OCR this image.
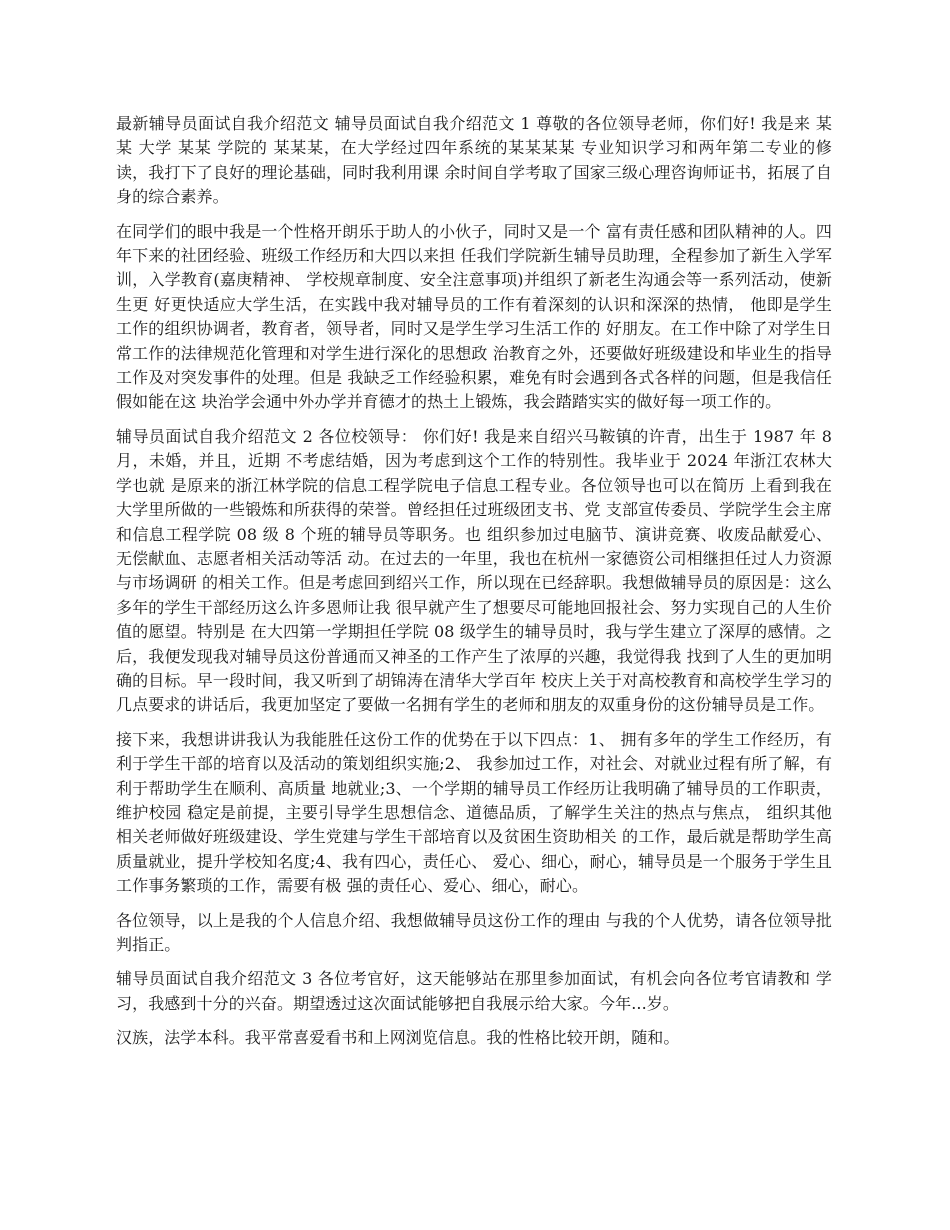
最新辅导员面试自我介绍范文 辅导员面试自我介绍范文 1 尊敬的各位领导老师，你们好! 我是来 某某 大学 某某 学院的 某某某，在大学经过四年系统的某某某某 专业知识学习和两年第二专业的修读，我打下了良好的理论基础，同时我利用课 余时间自学考取了国家三级心理咨询师证书，拓展了自身的综合素养。

在同学们的眼中我是一个性格开朗乐于助人的小伙子，同时又是一个 富有责任感和团队精神的人。四年下来的社团经验、班级工作经历和大四以来担 任我们学院新生辅导员助理，全程参加了新生入学军训，入学教育(嘉庚精神、 学校规章制度、安全注意事项)并组织了新老生沟通会等一系列活动，使新生更 好更快适应大学生活，在实践中我对辅导员的工作有着深刻的认识和深深的热情， 他即是学生工作的组织协调者，教育者，领导者，同时又是学生学习生活工作的 好朋友。在工作中除了对学生日常工作的法律规范化管理和对学生进行深化的思想政 治教育之外，还要做好班级建设和毕业生的指导工作及对突发事件的处理。但是 我缺乏工作经验积累，难免有时会遇到各式各样的问题，但是我信任假如能在这 块治学会通中外办学并育德才的热土上锻炼，我会踏踏实实的做好每一项工作的。

辅导员面试自我介绍范文 2 各位校领导： 你们好! 我是来自绍兴马鞍镇的许青，出生于 1987 年 8 月，未婚，并且，近期 不考虑结婚，因为考虑到这个工作的特别性。我毕业于 2024 年浙江农林大学也就 是原来的浙江林学院的信息工程学院电子信息工程专业。各位领导也可以在简历 上看到我在大学里所做的一些锻炼和所获得的荣誉。曾经担任过班级团支书、党 支部宣传委员、学院学生会主席和信息工程学院 08 级 8 个班的辅导员等职务。也 组织参加过电脑节、演讲竞赛、收废品献爱心、无偿献血、志愿者相关活动等活 动。在过去的一年里，我也在杭州一家德资公司相继担任过人力资源与市场调研 的相关工作。但是考虑回到绍兴工作，所以现在已经辞职。我想做辅导员的原因是：这么多年的学生干部经历这么许多恩师让我 很早就产生了想要尽可能地回报社会、努力实现自己的人生价值的愿望。特别是 在大四第一学期担任学院 08 级学生的辅导员时，我与学生建立了深厚的感情。之 后，我便发现我对辅导员这份普通而又神圣的工作产生了浓厚的兴趣，我觉得我 找到了人生的更加明确的目标。早一段时间，我又听到了胡锦涛在清华大学百年 校庆上关于对高校教育和高校学生学习的几点要求的讲话后，我更加坚定了要做一名拥有学生的老师和朋友的双重身份的这份辅导员是工作。

接下来，我想讲讲我认为我能胜任这份工作的优势在于以下四点：1、 拥有多年的学生工作经历，有利于学生干部的培育以及活动的策划组织实施;2、 我参加过工作，对社会、对就业过程有所了解，有利于帮助学生在顺利、高质量 地就业;3、一个学期的辅导员工作经历让我明确了辅导员的工作职责，维护校园 稳定是前提，主要引导学生思想信念、道德品质，了解学生关注的热点与焦点， 组织其他相关老师做好班级建设、学生党建与学生干部培育以及贫困生资助相关 的工作，最后就是帮助学生高质量就业，提升学校知名度;4、我有四心，责任心、 爱心、细心，耐心，辅导员是一个服务于学生且工作事务繁琐的工作，需要有极 强的责任心、爱心、细心，耐心。

各位领导，以上是我的个人信息介绍、我想做辅导员这份工作的理由 与我的个人优势，请各位领导批判指正。

辅导员面试自我介绍范文 3 各位考官好，这天能够站在那里参加面试，有机会向各位考官请教和 学习，我感到十分的兴奋。期望透过这次面试能够把自我展示给大家。今年...岁。

汉族，法学本科。我平常喜爱看书和上网浏览信息。我的性格比较开朗，随和。
